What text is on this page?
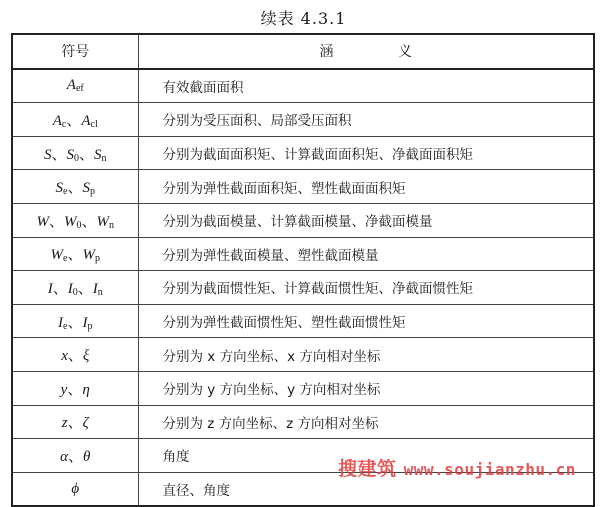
续表 4.3.1
符号	涵 义
$A_{ef}$	有效截面面积
$A_c$、$A_{cl}$	分别为受压面积、局部受压面积
S、$S_0$、$S_n$	分别为截面面积矩、计算截面面积矩、净截面面积矩
$S_e$、$S_p$	分别为弹性截面面积矩、塑性截面面积矩
W、$W_0$、$W_n$	分别为截面模量、计算截面模量、净截面模量
$W_e$、$W_p$	分别为弹性截面模量、塑性截面模量
I、$I_0$、$I_n$	分别为截面惯性矩、计算截面惯性矩、净截面惯性矩
$I_e$、$I_p$	分别为弹性截面惯性矩、塑性截面惯性矩
x、ξ	分别为 x 方向坐标、x 方向相对坐标
y、η	分别为 y 方向坐标、y 方向相对坐标
z、ζ	分别为 z 方向坐标、z 方向相对坐标
α、θ	角度
ϕ	直径、角度
搜建筑 www.soujianzhu.cn
